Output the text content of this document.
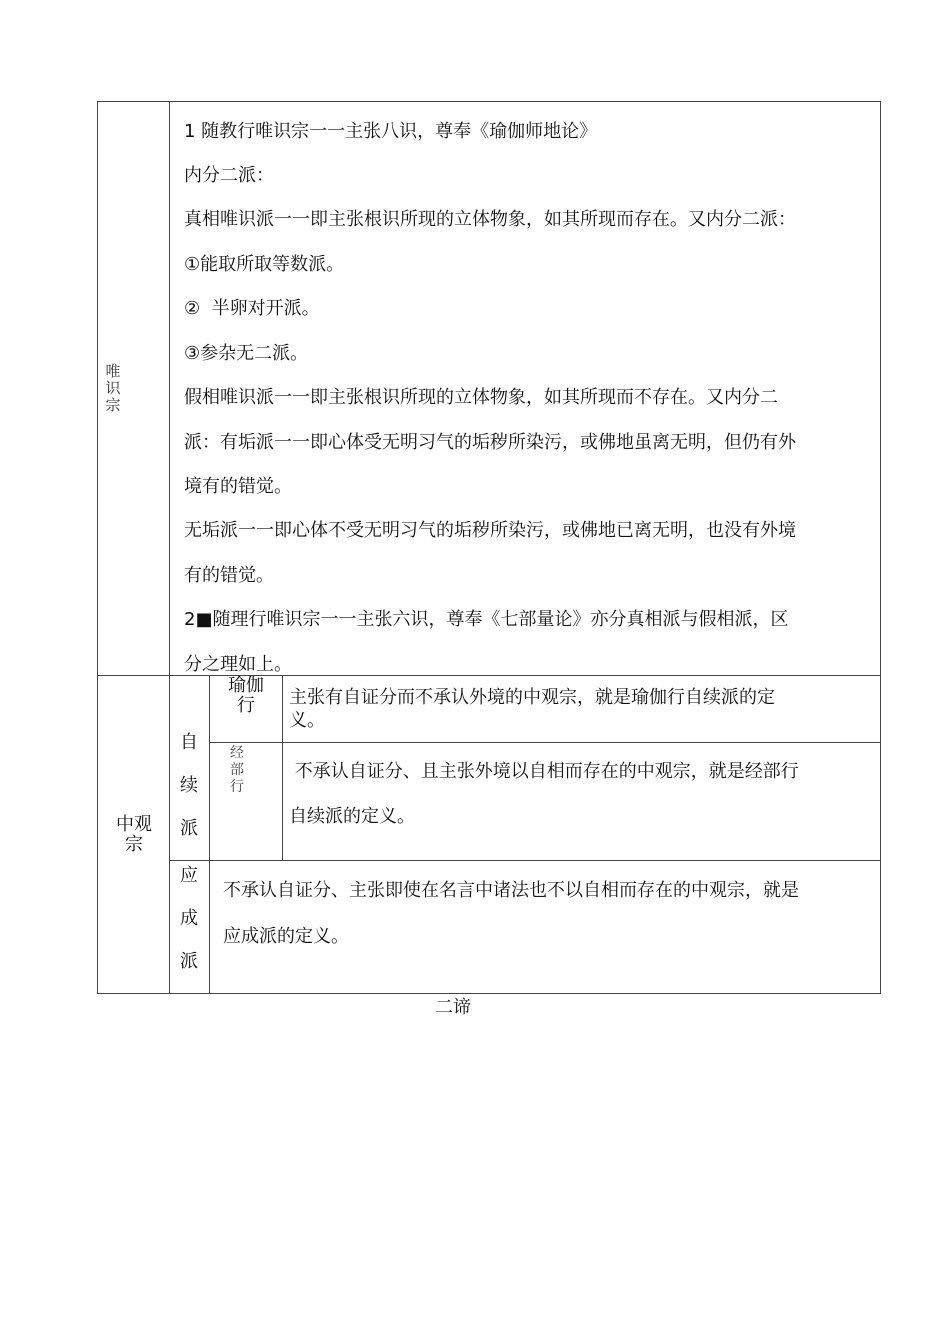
唯
识
宗
1 随教行唯识宗一一主张八识，尊奉《瑜伽师地论》
内分二派：
真相唯识派一一即主张根识所现的立体物象，如其所现而存在。又内分二派：
①能取所取等数派。
②  半卵对开派。
③参杂无二派。
假相唯识派一一即主张根识所现的立体物象，如其所现而不存在。又内分二
派：有垢派一一即心体受无明习气的垢秽所染污，或佛地虽离无明，但仍有外
境有的错觉。
无垢派一一即心体不受无明习气的垢秽所染污，或佛地已离无明，也没有外境
有的错觉。
2■随理行唯识宗一一主张六识，尊奉《七部量论》亦分真相派与假相派，区
分之理如上。
中观
宗
自
续
派
瑜伽
行	主张有自证分而不承认外境的中观宗，就是瑜伽行自续派的定
义。
经
部
行
不承认自证分、且主张外境以自相而存在的中观宗，就是经部行
自续派的定义。
应
成
派
不承认自证分、主张即使在名言中诸法也不以自相而存在的中观宗，就是
应成派的定义。
二谛
